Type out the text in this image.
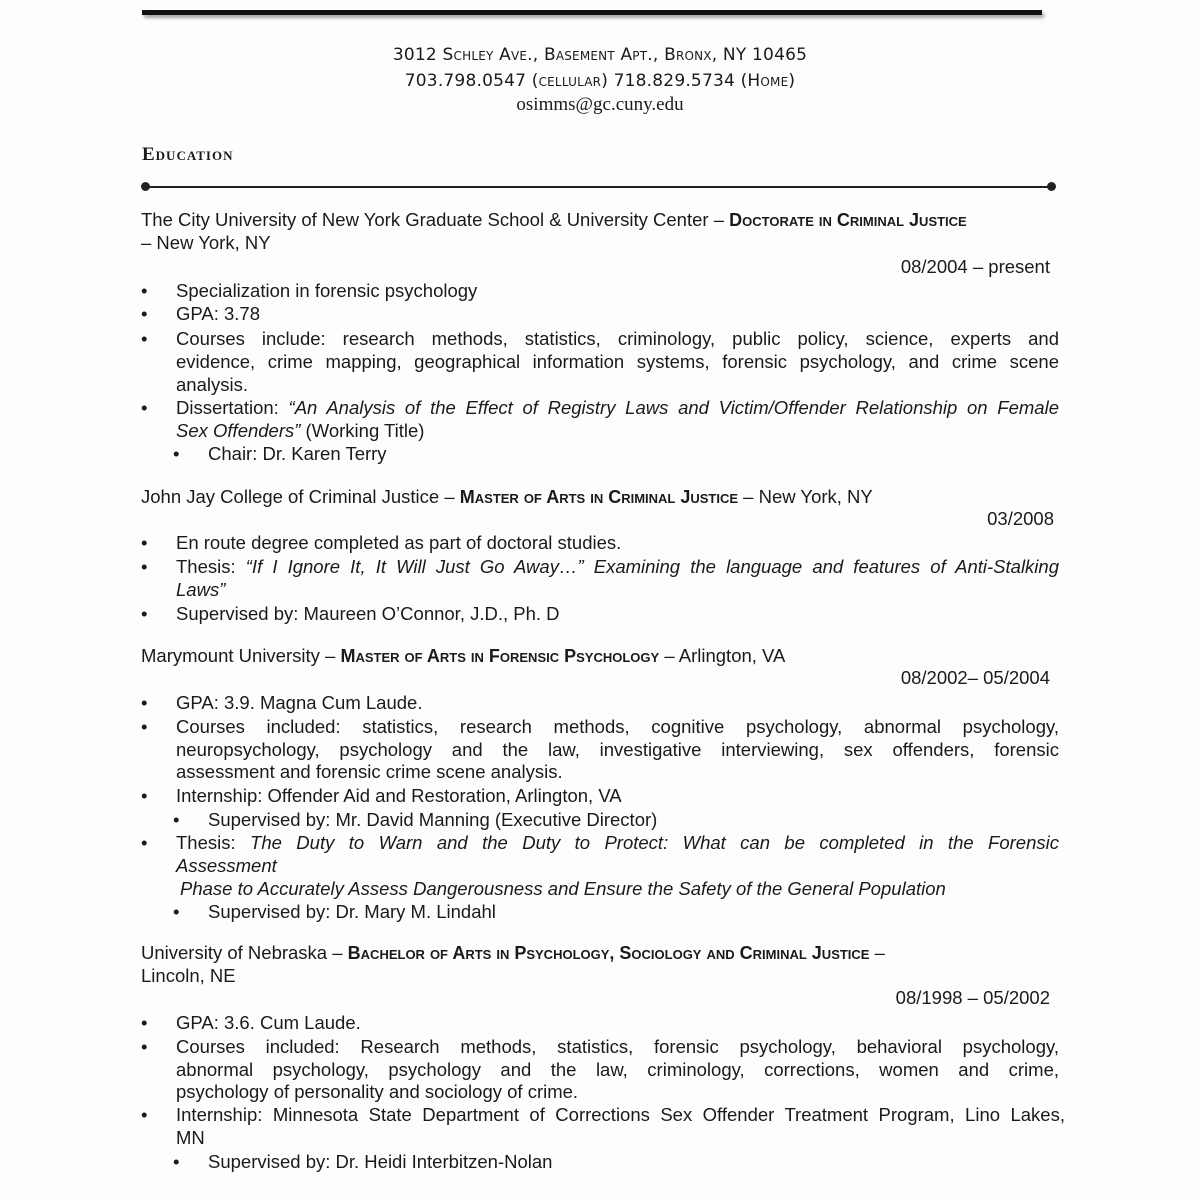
3012 Schley Ave., Basement Apt., Bronx, NY 10465
703.798.0547 (cellular) 718.829.5734 (Home)
osimms@gc.cuny.edu
Education
The City University of New York Graduate School & University Center – Doctorate in Criminal Justice
– New York, NY
08/2004 – present
• Specialization in forensic psychology
• GPA: 3.78
• Courses include: research methods, statistics, criminology, public policy, science, experts and
evidence, crime mapping, geographical information systems, forensic psychology, and crime scene
analysis.
• Dissertation: “An Analysis of the Effect of Registry Laws and Victim/Offender Relationship on Female
Sex Offenders” (Working Title)
• Chair: Dr. Karen Terry
John Jay College of Criminal Justice – Master of Arts in Criminal Justice – New York, NY
03/2008
• En route degree completed as part of doctoral studies.
• Thesis: “If I Ignore It, It Will Just Go Away…” Examining the language and features of Anti-Stalking
Laws”
• Supervised by: Maureen O’Connor, J.D., Ph. D
Marymount University – Master of Arts in Forensic Psychology – Arlington, VA
08/2002– 05/2004
• GPA: 3.9. Magna Cum Laude.
• Courses included: statistics, research methods, cognitive psychology, abnormal psychology,
neuropsychology, psychology and the law, investigative interviewing, sex offenders, forensic
assessment and forensic crime scene analysis.
• Internship: Offender Aid and Restoration, Arlington, VA
• Supervised by: Mr. David Manning (Executive Director)
• Thesis: The Duty to Warn and the Duty to Protect: What can be completed in the Forensic
Assessment
Phase to Accurately Assess Dangerousness and Ensure the Safety of the General Population
• Supervised by: Dr. Mary M. Lindahl
University of Nebraska – Bachelor of Arts in Psychology, Sociology and Criminal Justice –
Lincoln, NE
08/1998 – 05/2002
• GPA: 3.6. Cum Laude.
• Courses included: Research methods, statistics, forensic psychology, behavioral psychology,
abnormal psychology, psychology and the law, criminology, corrections, women and crime,
psychology of personality and sociology of crime.
• Internship: Minnesota State Department of Corrections Sex Offender Treatment Program, Lino Lakes,
MN
• Supervised by: Dr. Heidi Interbitzen-Nolan
